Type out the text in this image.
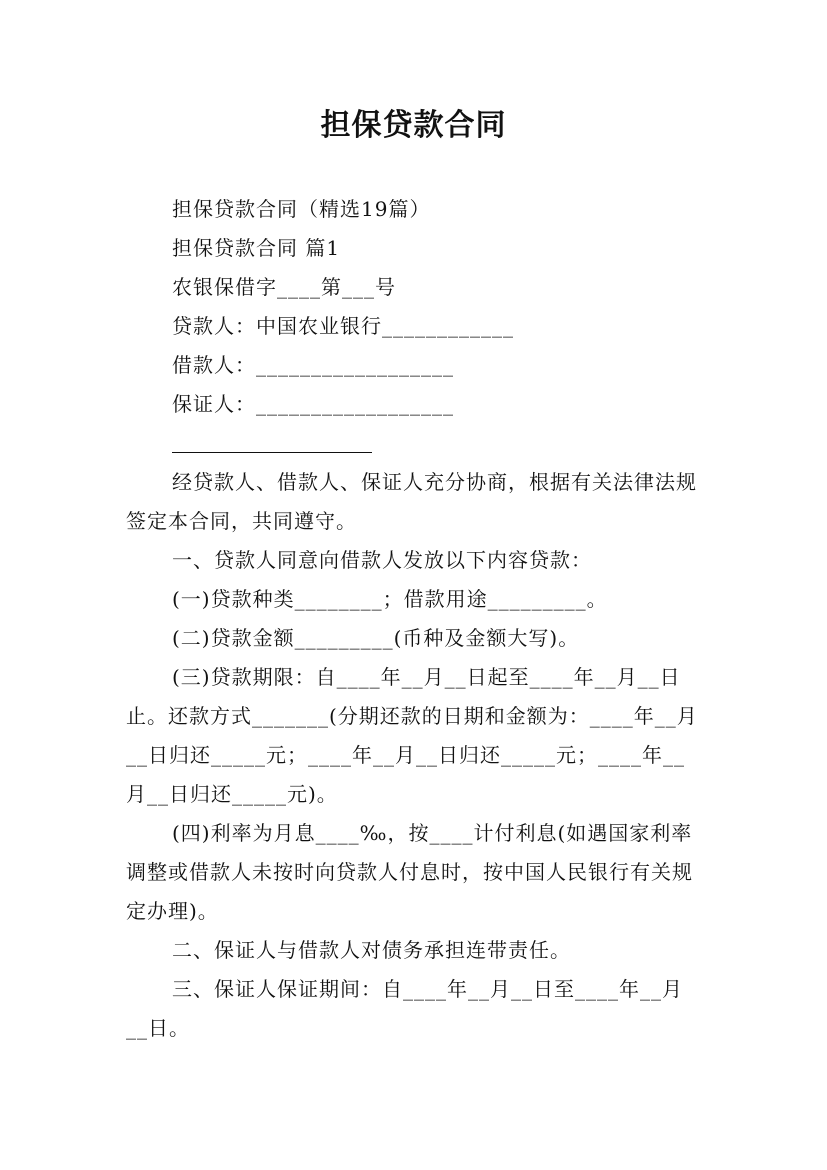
担保贷款合同

担保贷款合同（精选19篇）

担保贷款合同 篇1

农银保借字____第___号

贷款人：中国农业银行____________

借款人：__________________

保证人：__________________

经贷款人、借款人、保证人充分协商，根据有关法律法规签定本合同，共同遵守。

一、贷款人同意向借款人发放以下内容贷款：

(一)贷款种类________；借款用途_________。

(二)贷款金额_________(币种及金额大写)。

(三)贷款期限：自____年__月__日起至____年__月__日止。还款方式_______(分期还款的日期和金额为：____年__月__日归还_____元；____年__月__日归还_____元；____年__月__日归还_____元)。

(四)利率为月息____‰，按____计付利息(如遇国家利率调整或借款人未按时向贷款人付息时，按中国人民银行有关规定办理)。

二、保证人与借款人对债务承担连带责任。

三、保证人保证期间：自____年__月__日至____年__月__日。
